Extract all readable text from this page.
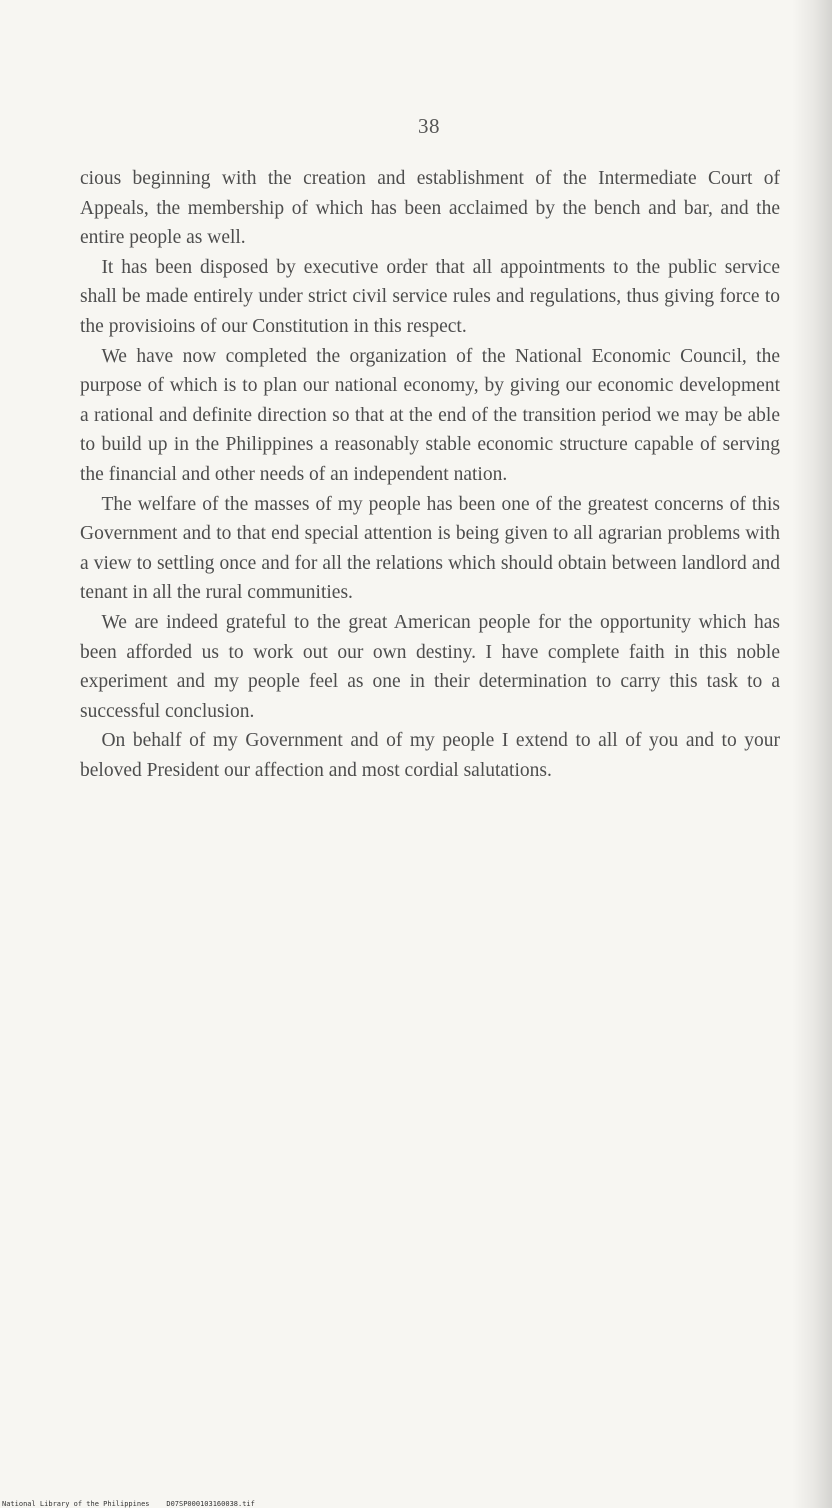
38

cious beginning with the creation and establishment of the Intermediate Court of Appeals, the membership of which has been acclaimed by the bench and bar, and the entire people as well.

It has been disposed by executive order that all appointments to the public service shall be made entirely under strict civil service rules and regulations, thus giving force to the provisioins of our Constitution in this respect.

We have now completed the organization of the National Economic Council, the purpose of which is to plan our national economy, by giving our economic development a rational and definite direction so that at the end of the transition period we may be able to build up in the Philippines a reasonably stable economic structure capable of serving the financial and other needs of an independent nation.

The welfare of the masses of my people has been one of the greatest concerns of this Government and to that end special attention is being given to all agrarian problems with a view to settling once and for all the relations which should obtain between landlord and tenant in all the rural communities.

We are indeed grateful to the great American people for the opportunity which has been afforded us to work out our own destiny. I have complete faith in this noble experiment and my people feel as one in their determination to carry this task to a successful conclusion.

On behalf of my Government and of my people I extend to all of you and to your beloved President our affection and most cordial salutations.

National Library of the Philippines    D07SP000103160038.tif
